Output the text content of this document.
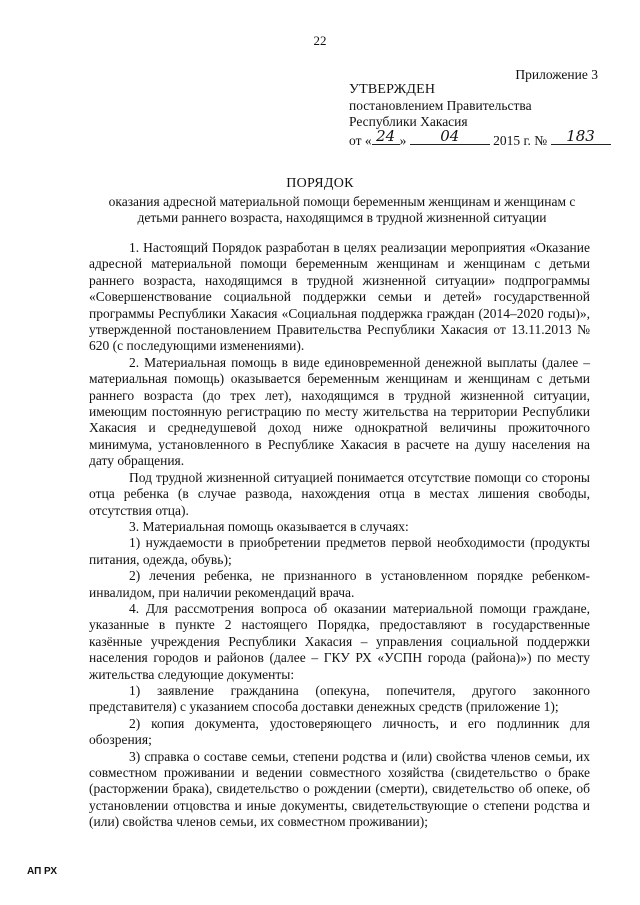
22
Приложение 3
УТВЕРЖДЕН
постановлением Правительства
Республики Хакасия
от « 24 »	04	2015 г. №	183
ПОРЯДОК
оказания адресной материальной помощи беременным женщинам и женщинам с детьми раннего возраста, находящимся в трудной жизненной ситуации

1. Настоящий Порядок разработан в целях реализации мероприятия «Оказание адресной материальной помощи беременным женщинам и женщинам с детьми раннего возраста, находящимся в трудной жизненной ситуации» подпрограммы «Совершенствование социальной поддержки семьи и детей» государственной программы Республики Хакасия «Социальная поддержка граждан (2014–2020 годы)», утвержденной постановлением Правительства Республики Хакасия от 13.11.2013 № 620 (с последующими изменениями).

2. Материальная помощь в виде единовременной денежной выплаты (далее – материальная помощь) оказывается беременным женщинам и женщинам с детьми раннего возраста (до трех лет), находящимся в трудной жизненной ситуации, имеющим постоянную регистрацию по месту жительства на территории Республики Хакасия и среднедушевой доход ниже однократной величины прожиточного минимума, установленного в Республике Хакасия в расчете на душу населения на дату обращения.

Под трудной жизненной ситуацией понимается отсутствие помощи со стороны отца ребенка (в случае развода, нахождения отца в местах лишения свободы, отсутствия отца).

3. Материальная помощь оказывается в случаях:

1) нуждаемости в приобретении предметов первой необходимости (продукты питания, одежда, обувь);

2) лечения ребенка, не признанного в установленном порядке ребенком-инвалидом, при наличии рекомендаций врача.

4. Для рассмотрения вопроса об оказании материальной помощи граждане, указанные в пункте 2 настоящего Порядка, предоставляют в государственные казённые учреждения Республики Хакасия – управления социальной поддержки населения городов и районов (далее – ГКУ РХ «УСПН города (района)») по месту жительства следующие документы:

1) заявление гражданина (опекуна, попечителя, другого законного представителя) с указанием способа доставки денежных средств (приложение 1);

2) копия документа, удостоверяющего личность, и его подлинник для обозрения;

3) справка о составе семьи, степени родства и (или) свойства членов семьи, их совместном проживании и ведении совместного хозяйства (свидетельство о браке (расторжении брака), свидетельство о рождении (смерти), свидетельство об опеке, об установлении отцовства и иные документы, свидетельствующие о степени родства и (или) свойства членов семьи, их совместном проживании);

АП РХ
